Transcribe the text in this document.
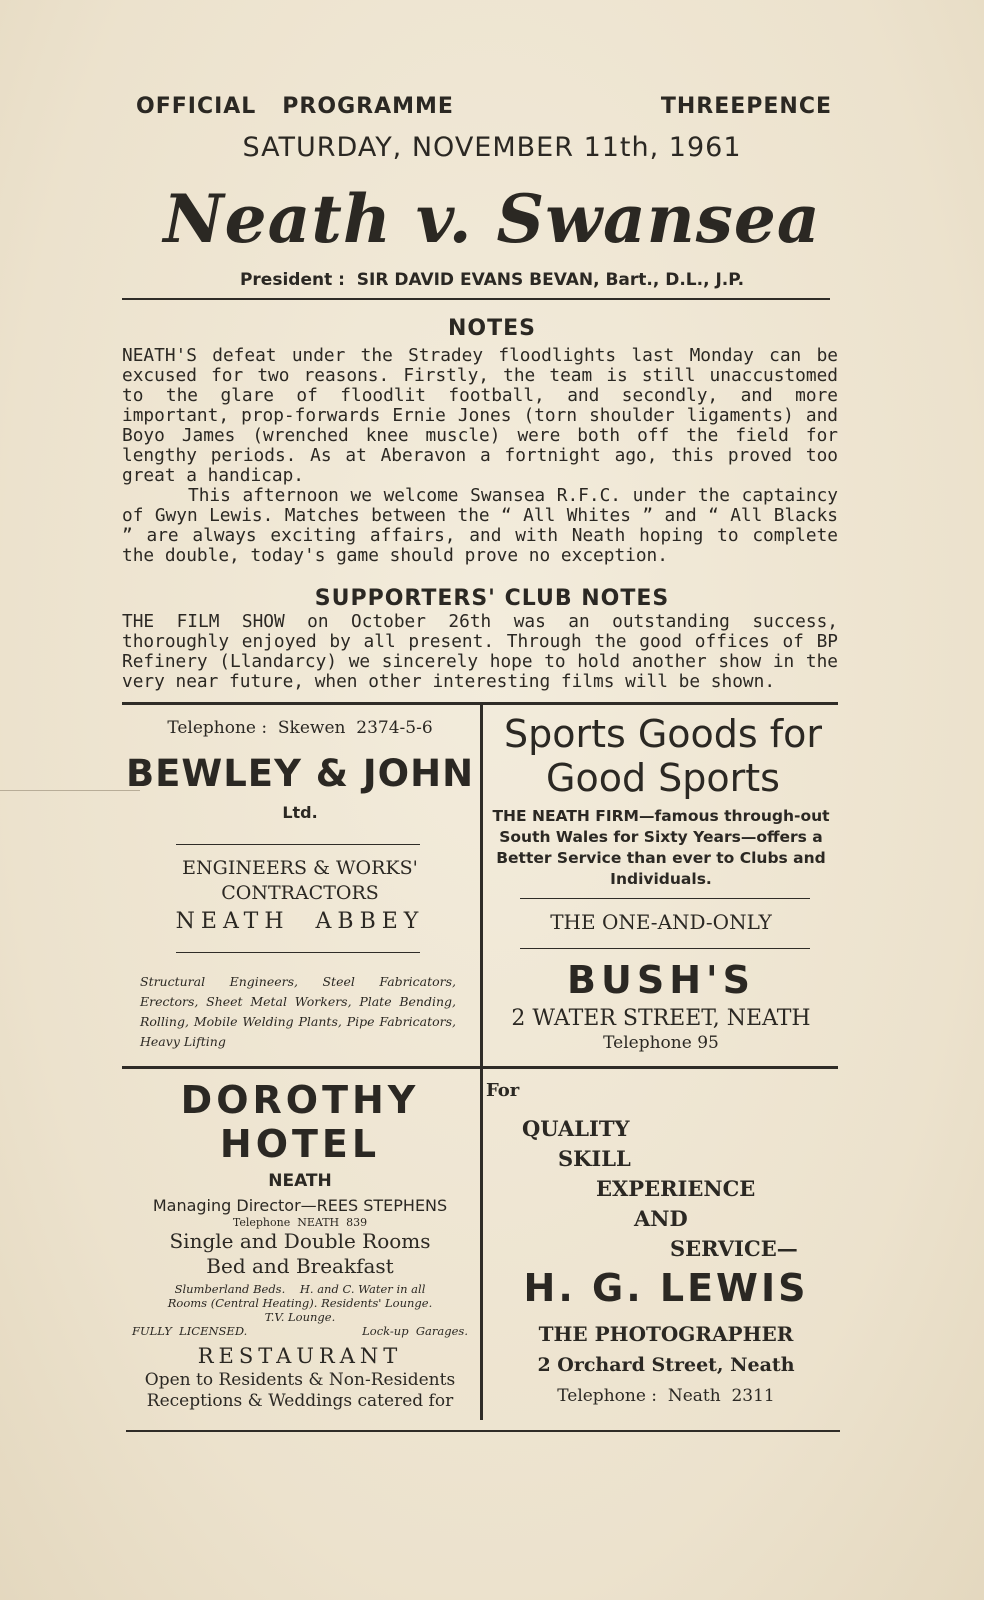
OFFICIAL   PROGRAMME	THREEPENCE
SATURDAY, NOVEMBER 11th, 1961
Neath v. Swansea
President :  SIR DAVID EVANS BEVAN, Bart., D.L., J.P.
NOTES

NEATH'S defeat under the Stradey floodlights last Monday can be excused for two reasons. Firstly, the team is still unaccustomed to the glare of floodlit football, and secondly, and more important, prop-forwards Ernie Jones (torn shoulder ligaments) and Boyo James (wrenched knee muscle) were both off the field for lengthy periods. As at Aberavon a fortnight ago, this proved too great a handicap.

This afternoon we welcome Swansea R.F.C. under the captaincy of Gwyn Lewis. Matches between the “ All Whites ” and “ All Blacks ” are always exciting affairs, and with Neath hoping to complete the double, today's game should prove no exception.

SUPPORTERS' CLUB NOTES
THE FILM SHOW on October 26th was an outstanding success, thoroughly enjoyed by all present. Through the good offices of BP Refinery (Llandarcy) we sincerely hope to hold another show in the very near future, when other interesting films will be shown.
Telephone :  Skewen  2374-5-6
BEWLEY & JOHN
Ltd.
ENGINEERS & WORKS'
CONTRACTORS
NEATH  ABBEY
Structural Engineers, Steel Fabricators, Erectors, Sheet Metal Workers, Plate Bending, Rolling, Mobile Welding Plants, Pipe Fabricators, Heavy Lifting
Sports Goods for
Good Sports
THE NEATH FIRM—famous through-out South Wales for Sixty Years—offers a Better Service than ever to Clubs and Individuals.
THE ONE-AND-ONLY
BUSH'S
2 WATER STREET, NEATH
Telephone 95
DOROTHY
HOTEL
NEATH
Managing Director—REES STEPHENS
Telephone  NEATH  839
Single and Double Rooms
Bed and Breakfast
Slumberland Beds.    H. and C. Water in all
Rooms (Central Heating). Residents' Lounge.
T.V. Lounge.
FULLY  LICENSED.	Lock-up  Garages.
RESTAURANT
Open to Residents & Non-Residents
Receptions & Weddings catered for
For
QUALITY
SKILL
EXPERIENCE
AND
SERVICE—
H. G. LEWIS
THE PHOTOGRAPHER
2 Orchard Street, Neath
Telephone :  Neath  2311
